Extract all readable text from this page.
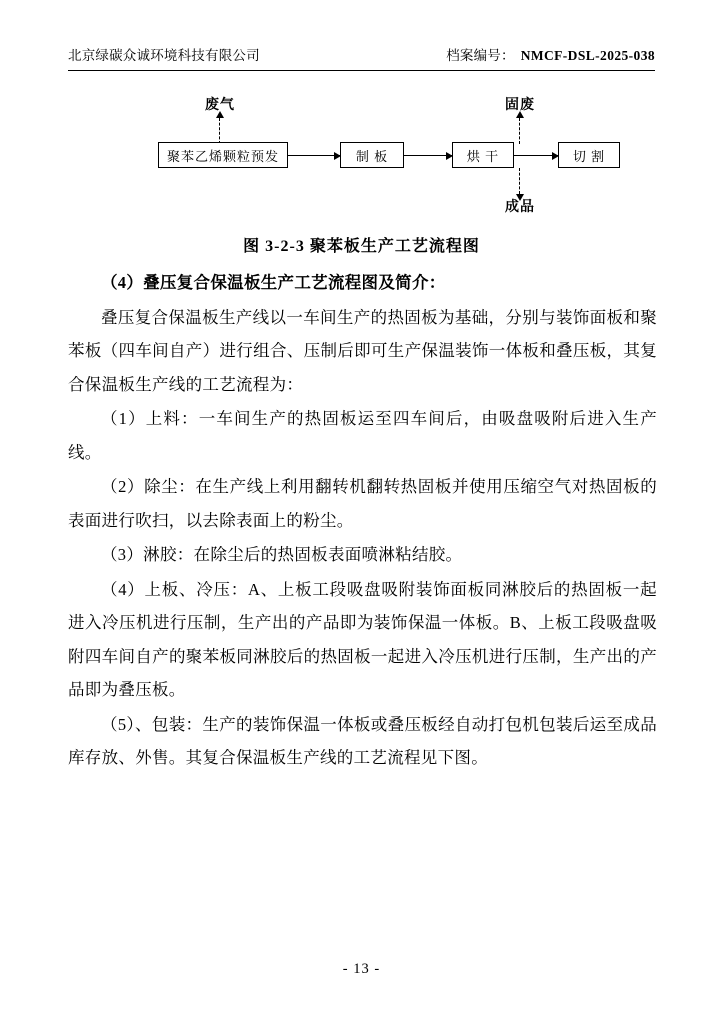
北京绿碳众诚环境科技有限公司	档案编号： NMCF-DSL-2025-038
废气	固废
聚苯乙烯颗粒预发	制 板	烘 干	切 割
成品
图 3-2-3 聚苯板生产工艺流程图

（4）叠压复合保温板生产工艺流程图及简介：

叠压复合保温板生产线以一车间生产的热固板为基础，分别与装饰面板和聚苯板（四车间自产）进行组合、压制后即可生产保温装饰一体板和叠压板，其复合保温板生产线的工艺流程为：

（1）上料：一车间生产的热固板运至四车间后，由吸盘吸附后进入生产线。

（2）除尘：在生产线上利用翻转机翻转热固板并使用压缩空气对热固板的表面进行吹扫，以去除表面上的粉尘。

（3）淋胶：在除尘后的热固板表面喷淋粘结胶。

（4）上板、冷压：A、上板工段吸盘吸附装饰面板同淋胶后的热固板一起进入冷压机进行压制，生产出的产品即为装饰保温一体板。B、上板工段吸盘吸附四车间自产的聚苯板同淋胶后的热固板一起进入冷压机进行压制，生产出的产品即为叠压板。

（5）、包装：生产的装饰保温一体板或叠压板经自动打包机包装后运至成品库存放、外售。其复合保温板生产线的工艺流程见下图。

- 13 -
